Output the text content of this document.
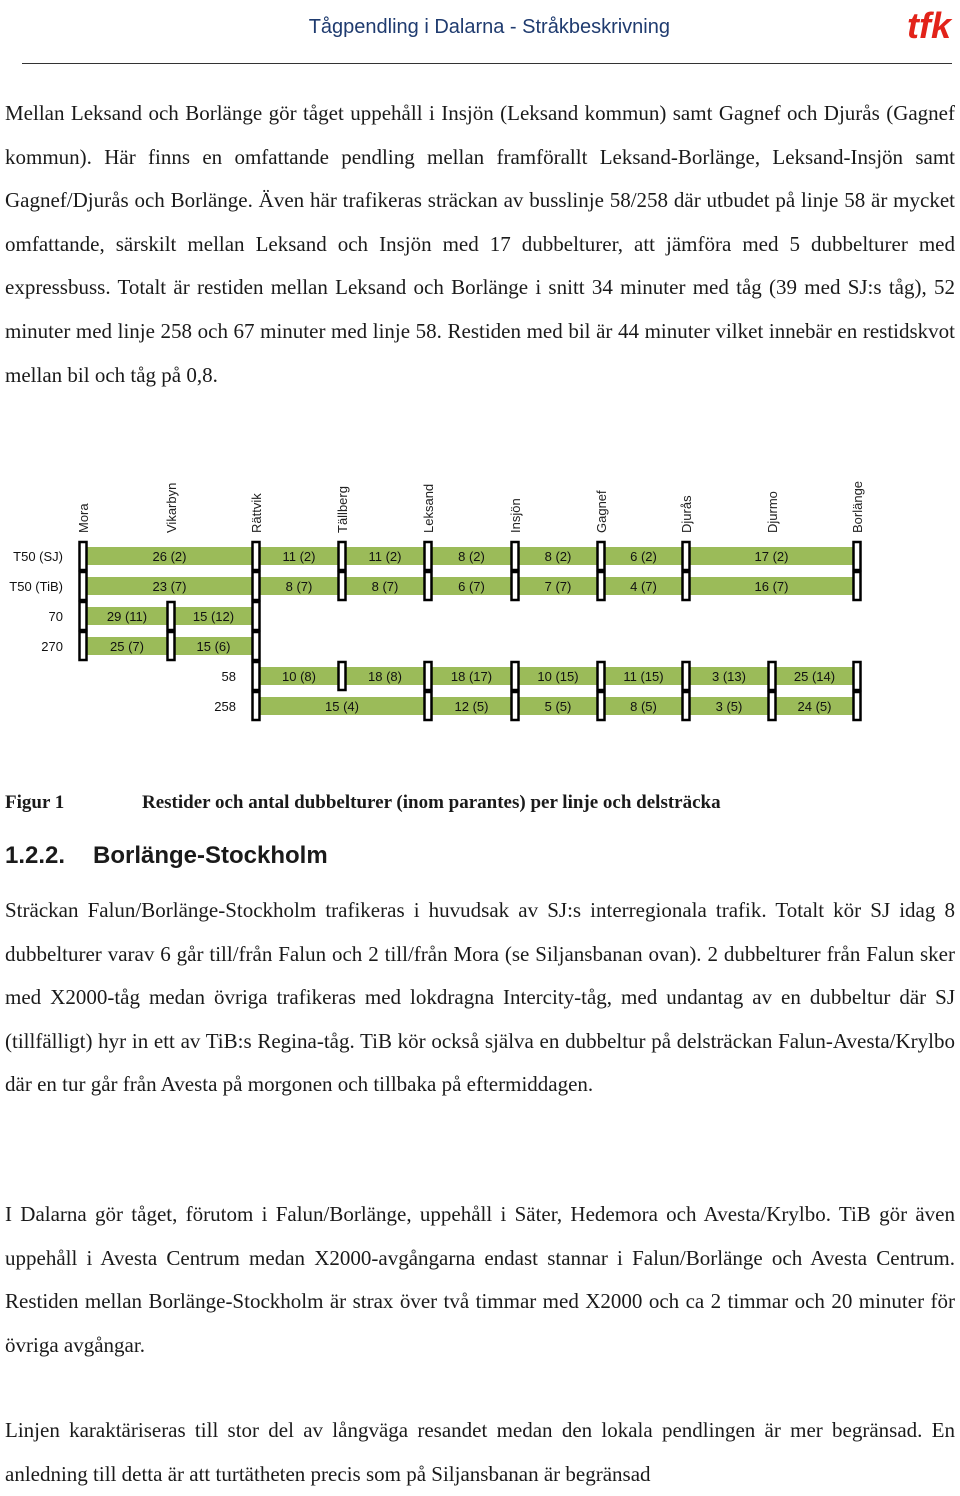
Tågpendling i Dalarna - Stråkbeskrivning	tfk

Mellan Leksand och Borlänge gör tåget uppehåll i Insjön (Leksand kommun) samt Gagnef och Djurås (Gagnef kommun). Här finns en omfattande pendling mellan framförallt Leksand-Borlänge, Leksand-Insjön samt Gagnef/Djurås och Borlänge. Även här trafikeras sträckan av busslinje 58/258 där utbudet på linje 58 är mycket omfattande, särskilt mellan Leksand och Insjön med 17 dubbelturer, att jämföra med 5 dubbelturer med expressbuss. Totalt är restiden mellan Leksand och Borlänge i snitt 34 minuter med tåg (39 med SJ:s tåg), 52 minuter med linje 258 och 67 minuter med linje 58. Restiden med bil är 44 minuter vilket innebär en restidskvot mellan bil och tåg på 0,8.

Mora	Vikarbyn	Rättvik	Tällberg	Leksand	Insjön	Gagnef	Djurås	Djurmo	Borlänge
T50 (SJ)	26 (2)	11 (2)	11 (2)	8 (2)	8 (2)	6 (2)	17 (2)
T50 (TiB)	23 (7)	8 (7)	8 (7)	6 (7)	7 (7)	4 (7)	16 (7)
70	29 (11)	15 (12)
270	25 (7)	15 (6)
58	10 (8)	18 (8)	18 (17)	10 (15)	11 (15)	3 (13)	25 (14)
258	15 (4)	12 (5)	5 (5)	8 (5)	3 (5)	24 (5)
Figur 1	Restider och antal dubbelturer (inom parantes) per linje och delsträcka
1.2.2. Borlänge-Stockholm

Sträckan Falun/Borlänge-Stockholm trafikeras i huvudsak av SJ:s interregionala trafik. Totalt kör SJ idag 8 dubbelturer varav 6 går till/från Falun och 2 till/från Mora (se Siljansbanan ovan). 2 dubbelturer från Falun sker med X2000-tåg medan övriga trafikeras med lokdragna Intercity-tåg, med undantag av en dubbeltur där SJ (tillfälligt) hyr in ett av TiB:s Regina-tåg. TiB kör också själva en dubbeltur på delsträckan Falun-Avesta/Krylbo där en tur går från Avesta på morgonen och tillbaka på eftermiddagen.

I Dalarna gör tåget, förutom i Falun/Borlänge, uppehåll i Säter, Hedemora och Avesta/Krylbo. TiB gör även uppehåll i Avesta Centrum medan X2000-avgångarna endast stannar i Falun/Borlänge och Avesta Centrum. Restiden mellan Borlänge-Stockholm är strax över två timmar med X2000 och ca 2 timmar och 20 minuter för övriga avgångar.

Linjen karaktäriseras till stor del av långväga resandet medan den lokala pendlingen är mer begränsad. En anledning till detta är att turtätheten precis som på Siljansbanan är begränsad
